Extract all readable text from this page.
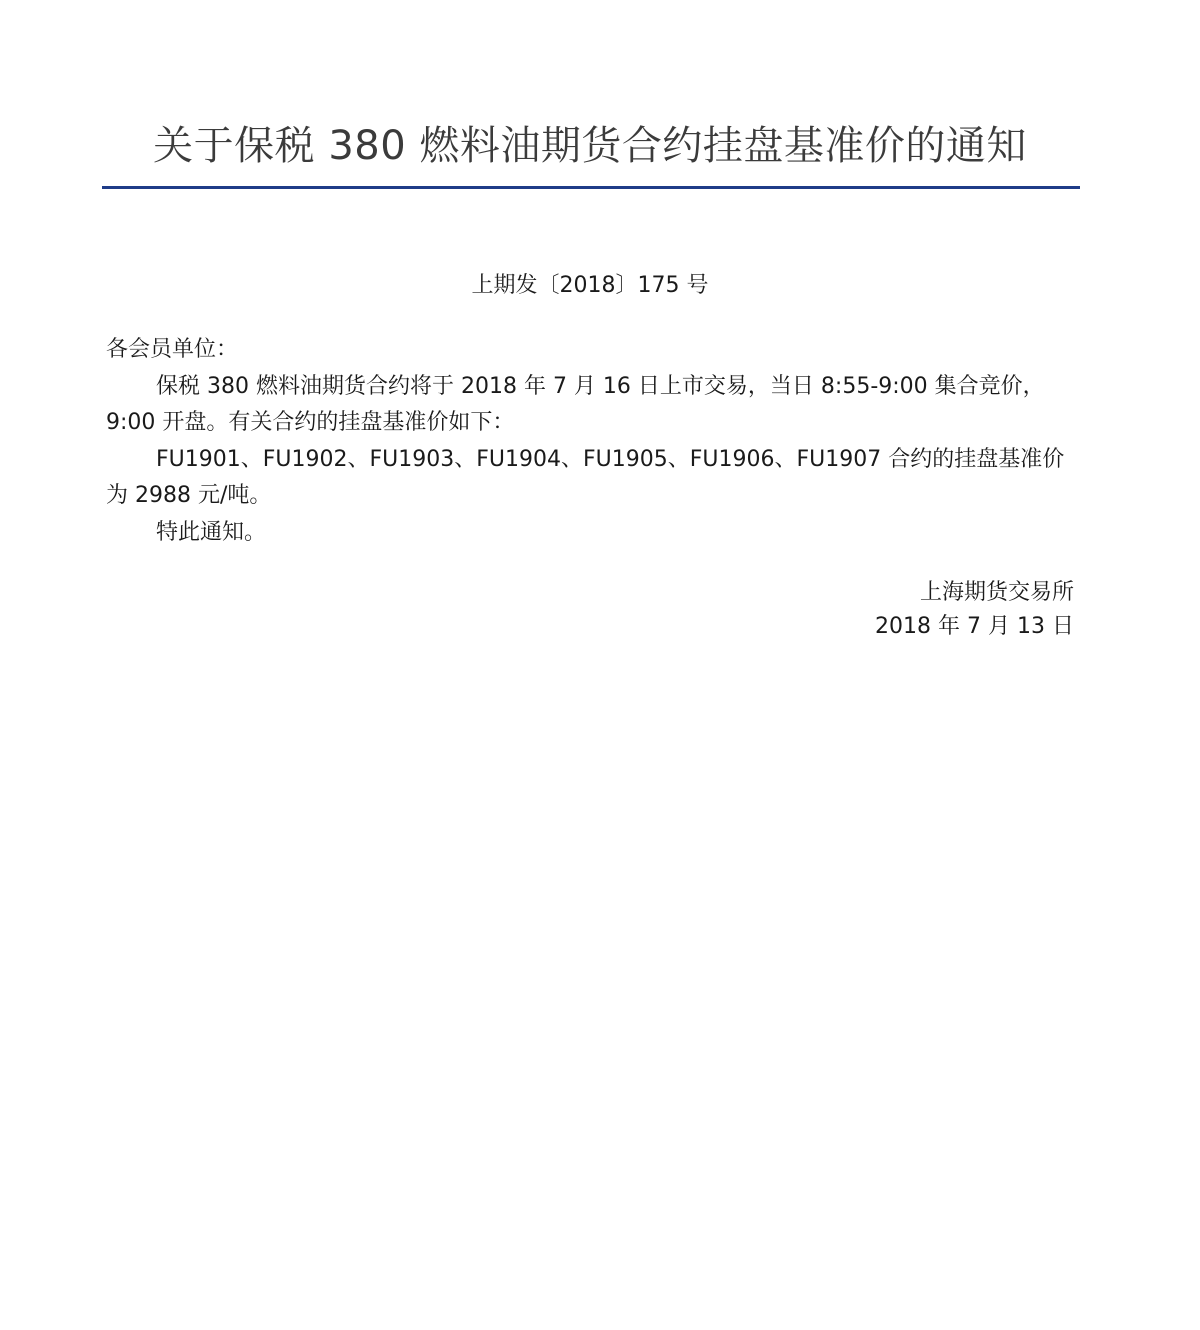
关于保税 380 燃料油期货合约挂盘基准价的通知
上期发〔2018〕175 号

各会员单位：

保税 380 燃料油期货合约将于 2018 年 7 月 16 日上市交易，当日 8:55-9:00 集合竞价，9:00 开盘。有关合约的挂盘基准价如下：

FU1901、FU1902、FU1903、FU1904、FU1905、FU1906、FU1907 合约的挂盘基准价为 2988 元/吨。

特此通知。

上海期货交易所
2018 年 7 月 13 日
